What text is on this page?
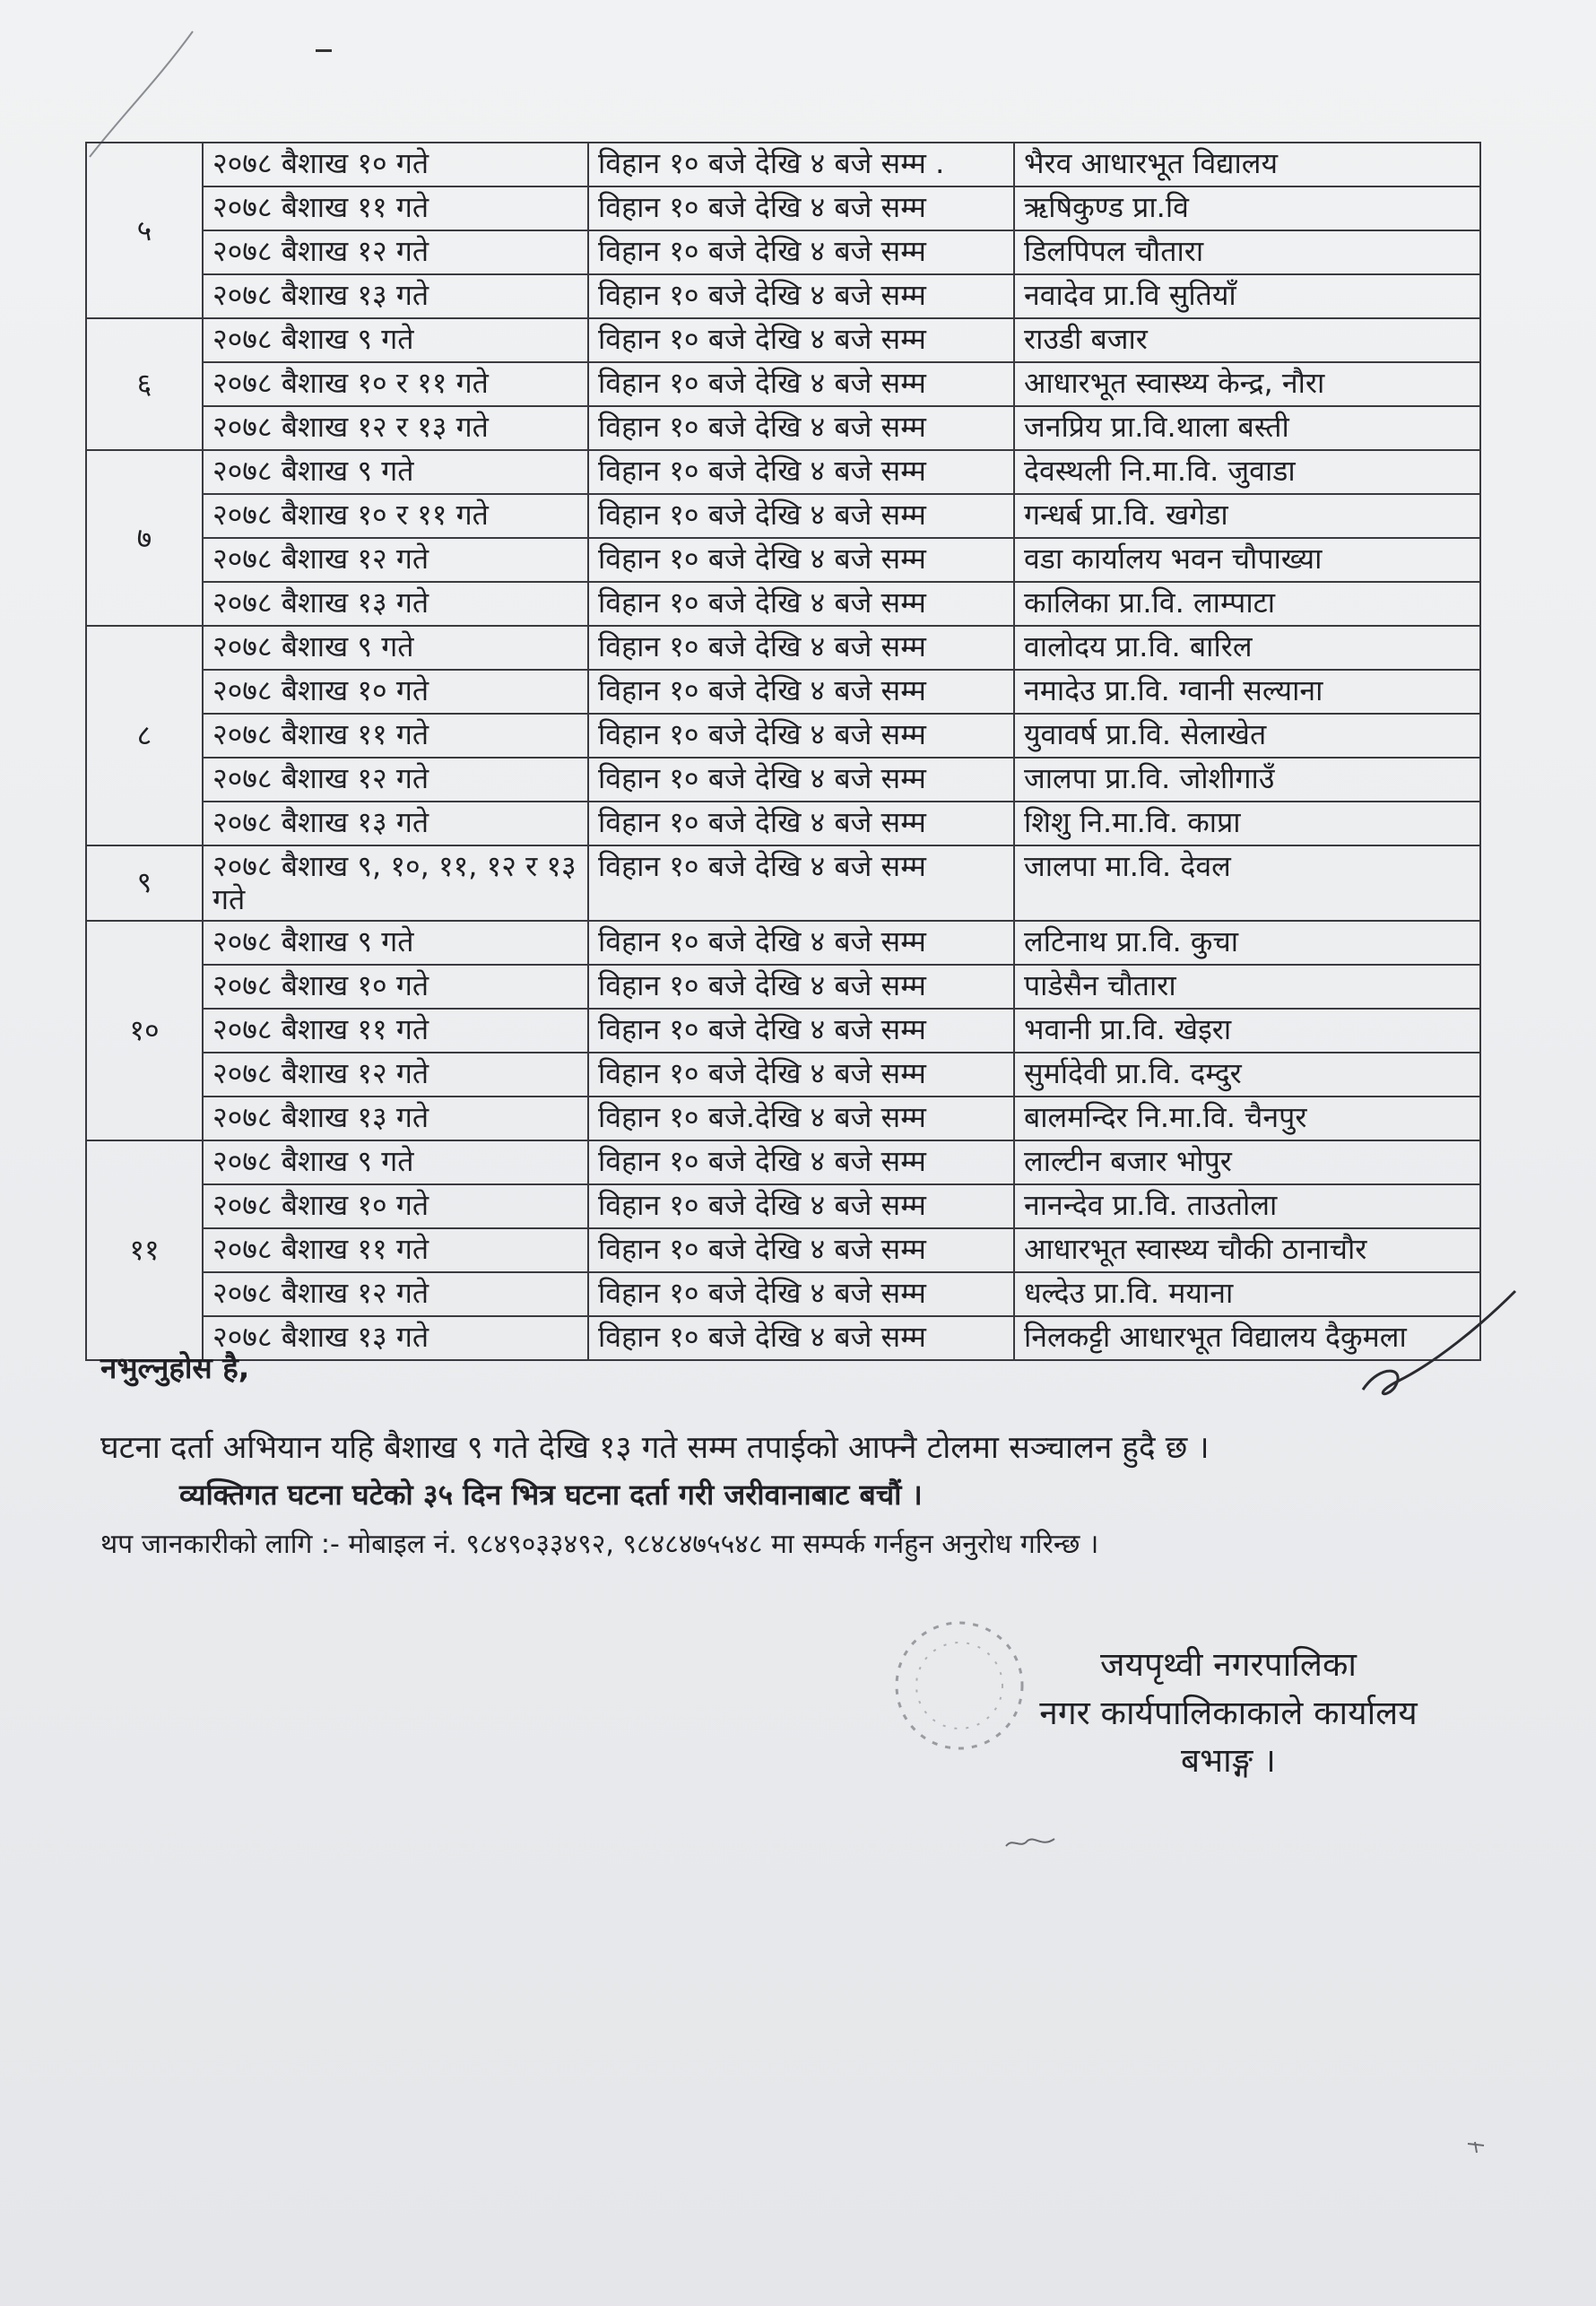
५	२०७८ बैशाख १० गते	विहान १० बजे देखि ४ बजे सम्म .	भैरव आधारभूत विद्यालय
	२०७८ बैशाख ११ गते	विहान १० बजे देखि ४ बजे सम्म	ऋषिकुण्ड प्रा.वि
	२०७८ बैशाख १२ गते	विहान १० बजे देखि ४ बजे सम्म	डिलपिपल चौतारा
	२०७८ बैशाख १३ गते	विहान १० बजे देखि ४ बजे सम्म	नवादेव प्रा.वि सुतियाँ
६	२०७८ बैशाख ९ गते	विहान १० बजे देखि ४ बजे सम्म	राउडी बजार
	२०७८ बैशाख १० र ११ गते	विहान १० बजे देखि ४ बजे सम्म	आधारभूत स्वास्थ्य केन्द्र, नौरा
	२०७८ बैशाख १२ र १३ गते	विहान १० बजे देखि ४ बजे सम्म	जनप्रिय प्रा.वि.थाला बस्ती
७	२०७८ बैशाख ९ गते	विहान १० बजे देखि ४ बजे सम्म	देवस्थली नि.मा.वि. जुवाडा
	२०७८ बैशाख १० र ११ गते	विहान १० बजे देखि ४ बजे सम्म	गन्धर्ब प्रा.वि. खगेडा
	२०७८ बैशाख १२ गते	विहान १० बजे देखि ४ बजे सम्म	वडा कार्यालय भवन चौपाख्या
	२०७८ बैशाख १३ गते	विहान १० बजे देखि ४ बजे सम्म	कालिका प्रा.वि. लाम्पाटा
८	२०७८ बैशाख ९ गते	विहान १० बजे देखि ४ बजे सम्म	वालोदय प्रा.वि. बारिल
	२०७८ बैशाख १० गते	विहान १० बजे देखि ४ बजे सम्म	नमादेउ प्रा.वि. ग्वानी सल्याना
	२०७८ बैशाख ११ गते	विहान १० बजे देखि ४ बजे सम्म	युवावर्ष प्रा.वि. सेलाखेत
	२०७८ बैशाख १२ गते	विहान १० बजे देखि ४ बजे सम्म	जालपा प्रा.वि. जोशीगाउँ
	२०७८ बैशाख १३ गते	विहान १० बजे देखि ४ बजे सम्म	शिशु नि.मा.वि. काप्रा
९	२०७८ बैशाख ९, १०, ११, १२ र १३ गते	विहान १० बजे देखि ४ बजे सम्म	जालपा मा.वि. देवल
१०	२०७८ बैशाख ९ गते	विहान १० बजे देखि ४ बजे सम्म	लटिनाथ प्रा.वि. कुचा
	२०७८ बैशाख १० गते	विहान १० बजे देखि ४ बजे सम्म	पाडेसैन चौतारा
	२०७८ बैशाख ११ गते	विहान १० बजे देखि ४ बजे सम्म	भवानी प्रा.वि. खेइरा
	२०७८ बैशाख १२ गते	विहान १० बजे देखि ४ बजे सम्म	सुर्मादेवी प्रा.वि. दम्दुर
	२०७८ बैशाख १३ गते	विहान १० बजे.देखि ४ बजे सम्म	बालमन्दिर नि.मा.वि. चैनपुर
११	२०७८ बैशाख ९ गते	विहान १० बजे देखि ४ बजे सम्म	लाल्टीन बजार भोपुर
	२०७८ बैशाख १० गते	विहान १० बजे देखि ४ बजे सम्म	नानन्देव प्रा.वि. ताउतोला
	२०७८ बैशाख ११ गते	विहान १० बजे देखि ४ बजे सम्म	आधारभूत स्वास्थ्य चौकी ठानाचौर
	२०७८ बैशाख १२ गते	विहान १० बजे देखि ४ बजे सम्म	धल्देउ प्रा.वि. मयाना
	२०७८ बैशाख १३ गते	विहान १० बजे देखि ४ बजे सम्म	निलकट्टी आधारभूत विद्यालय दैकुमला
नभुल्नुहोस है,
घटना दर्ता अभियान यहि बैशाख ९ गते देखि १३ गते सम्म तपाईको आफ्नै टोलमा सञ्चालन हुदै छ ।
व्यक्तिगत घटना घटेको ३५ दिन भित्र घटना दर्ता गरी जरीवानाबाट बचौं ।
थप जानकारीको लागि :- मोबाइल नं. ९८४९०३३४९२, ९८४८४७५५४८ मा सम्पर्क गर्नहुन अनुरोध गरिन्छ ।
जयपृथ्वी नगरपालिका
नगर कार्यपालिकाकाले कार्यालय
बभाङ्ग ।
